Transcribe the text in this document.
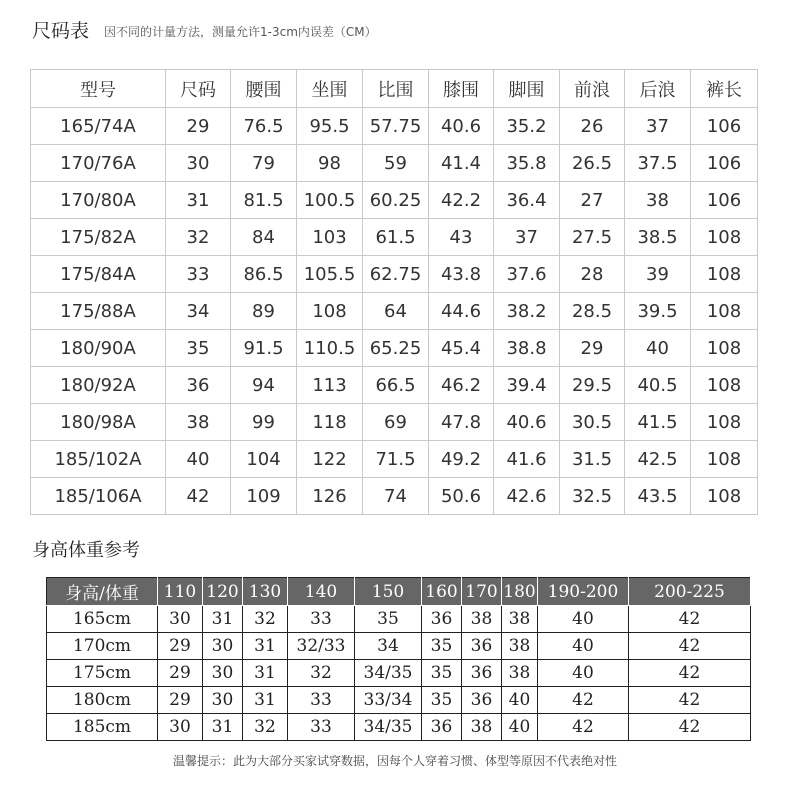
尺码表 因不同的计量方法，测量允许1-3cm内误差（CM）
型号	尺码	腰围	坐围	比围	膝围	脚围	前浪	后浪	裤长
165/74A	29	76.5	95.5	57.75	40.6	35.2	26	37	106
170/76A	30	79	98	59	41.4	35.8	26.5	37.5	106
170/80A	31	81.5	100.5	60.25	42.2	36.4	27	38	106
175/82A	32	84	103	61.5	43	37	27.5	38.5	108
175/84A	33	86.5	105.5	62.75	43.8	37.6	28	39	108
175/88A	34	89	108	64	44.6	38.2	28.5	39.5	108
180/90A	35	91.5	110.5	65.25	45.4	38.8	29	40	108
180/92A	36	94	113	66.5	46.2	39.4	29.5	40.5	108
180/98A	38	99	118	69	47.8	40.6	30.5	41.5	108
185/102A	40	104	122	71.5	49.2	41.6	31.5	42.5	108
185/106A	42	109	126	74	50.6	42.6	32.5	43.5	108
身高体重参考
身高/体重	110	120	130	140	150	160	170	180	190-200	200-225
165cm	30	31	32	33	35	36	38	38	40	42
170cm	29	30	31	32/33	34	35	36	38	40	42
175cm	29	30	31	32	34/35	35	36	38	40	42
180cm	29	30	31	33	33/34	35	36	40	42	42
185cm	30	31	32	33	34/35	36	38	40	42	42
温馨提示：此为大部分买家试穿数据，因每个人穿着习惯、体型等原因不代表绝对性
